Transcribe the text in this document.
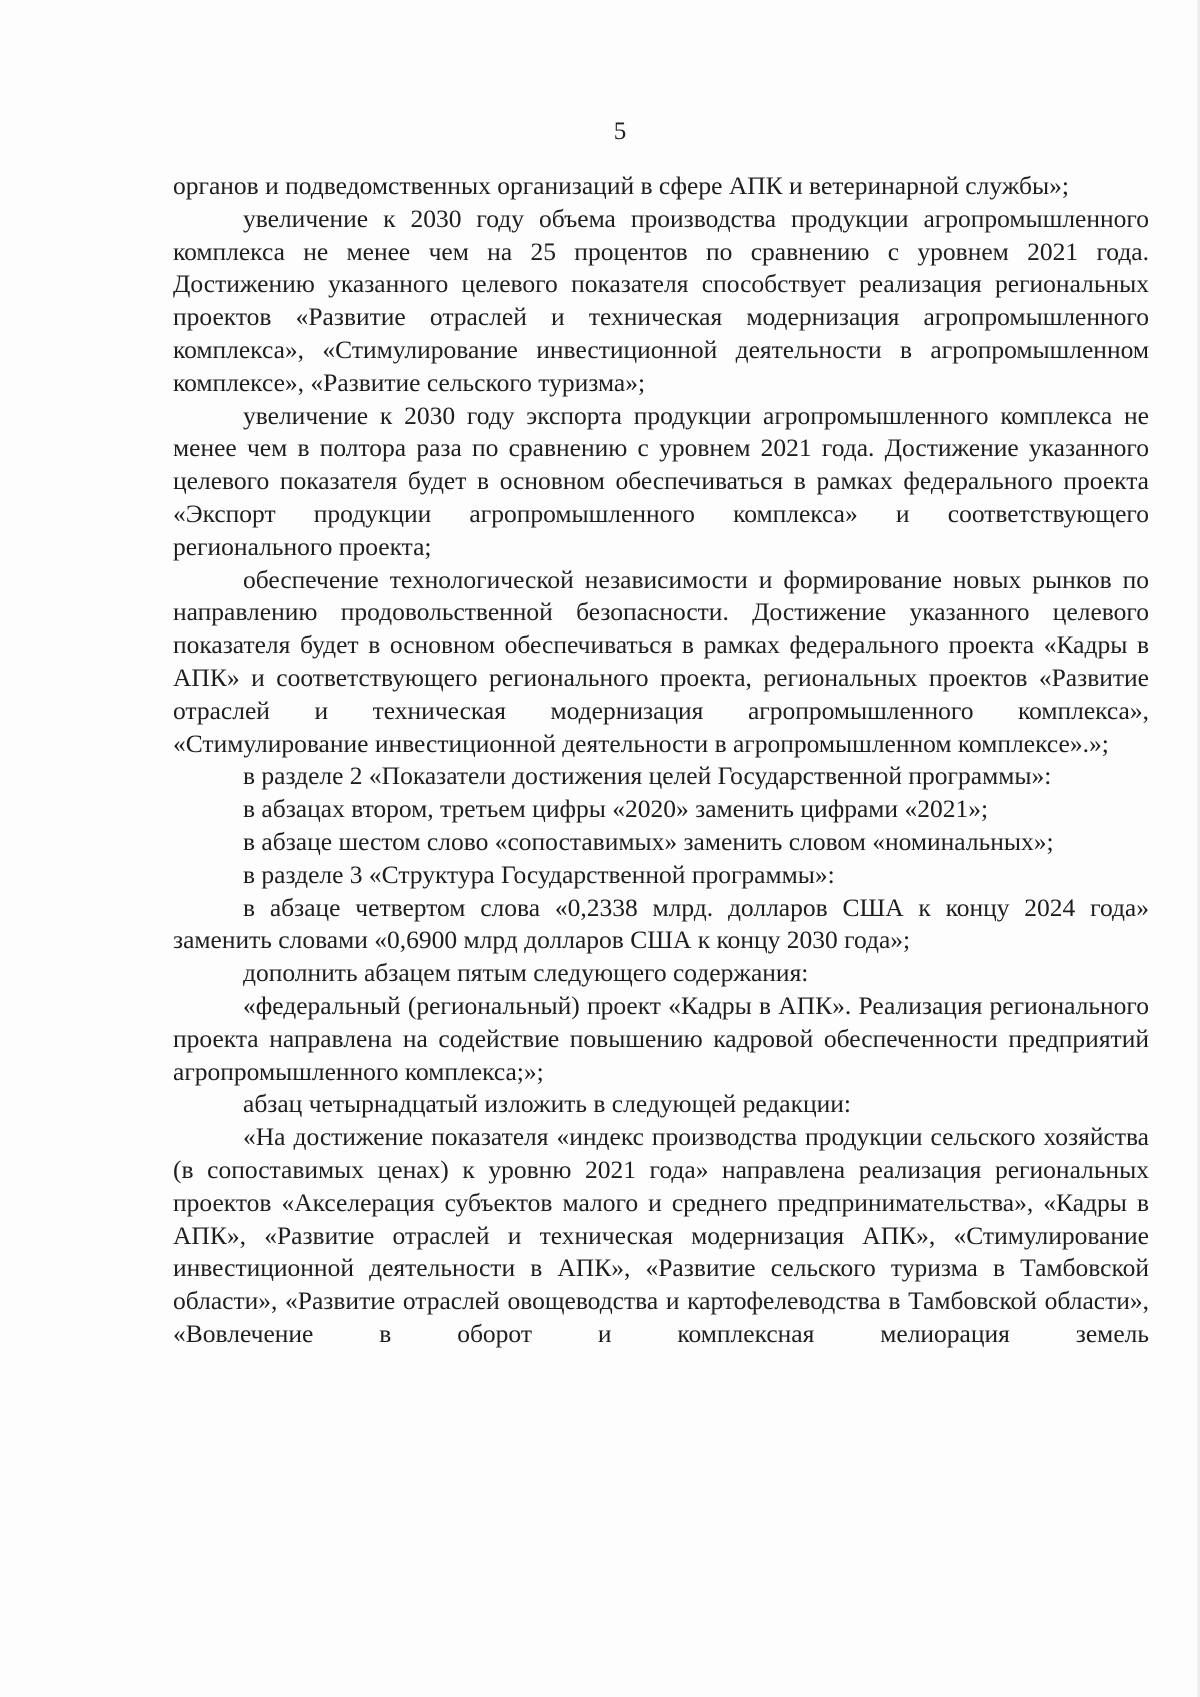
5

органов и подведомственных организаций в сфере АПК и ветеринарной службы»;

увеличение к 2030 году объема производства продукции агропромышленного комплекса не менее чем на 25 процентов по сравнению с уровнем 2021 года. Достижению указанного целевого показателя способствует реализация региональных проектов «Развитие отраслей и техническая модернизация агропромышленного комплекса», «Стимулирование инвестиционной деятельности в агропромышленном комплексе», «Развитие сельского туризма»;

увеличение к 2030 году экспорта продукции агропромышленного комплекса не менее чем в полтора раза по сравнению с уровнем 2021 года. Достижение указанного целевого показателя будет в основном обеспечиваться в рамках федерального проекта «Экспорт продукции агропромышленного комплекса» и соответствующего регионального проекта;

обеспечение технологической независимости и формирование новых рынков по направлению продовольственной безопасности. Достижение указанного целевого показателя будет в основном обеспечиваться в рамках федерального проекта «Кадры в АПК» и соответствующего регионального проекта, региональных проектов «Развитие отраслей и техническая модернизация агропромышленного комплекса», «Стимулирование инвестиционной деятельности в агропромышленном комплексе».»;

в разделе 2 «Показатели достижения целей Государственной программы»:

в абзацах втором, третьем цифры «2020» заменить цифрами «2021»;

в абзаце шестом слово «сопоставимых» заменить словом «номинальных»;

в разделе 3 «Структура Государственной программы»:

в абзаце четвертом слова «0,2338 млрд. долларов США к концу 2024 года» заменить словами «0,6900 млрд долларов США к концу 2030 года»;

дополнить абзацем пятым следующего содержания:

«федеральный (региональный) проект «Кадры в АПК». Реализация регионального проекта направлена на содействие повышению кадровой обеспеченности предприятий агропромышленного комплекса;»;

абзац четырнадцатый изложить в следующей редакции:

«На достижение показателя «индекс производства продукции сельского хозяйства (в сопоставимых ценах) к уровню 2021 года» направлена реализация региональных проектов «Акселерация субъектов малого и среднего предпринимательства», «Кадры в АПК», «Развитие отраслей и техническая модернизация АПК», «Стимулирование инвестиционной деятельности в АПК», «Развитие сельского туризма в Тамбовской области», «Развитие отраслей овощеводства и картофелеводства в Тамбовской области», «Вовлечение в оборот и комплексная мелиорация земель
